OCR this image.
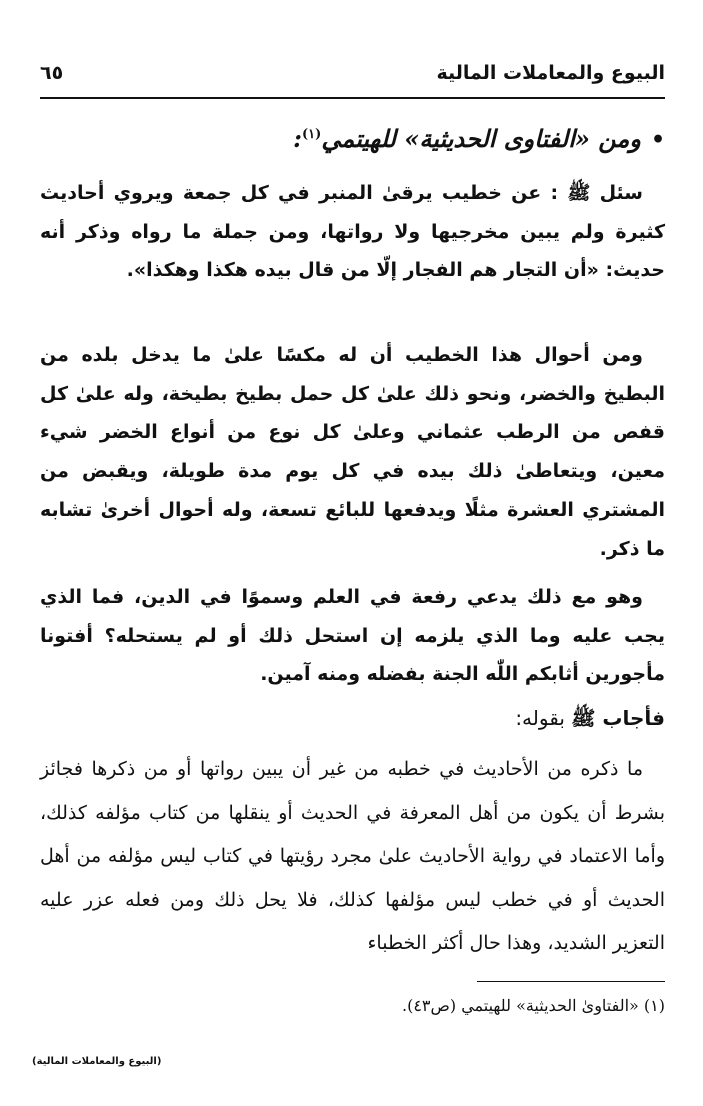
البيوع والمعاملات المالية
٦٥
•ومن «الفتاوى الحديثية» للهيتمي$^{(١)}$:
سئل ﷺ : عن خطيب يرقىٰ المنبر في كل جمعة ويروي أحاديث كثيرة ولم يبين مخرجيها ولا رواتها، ومن جملة ما رواه وذكر أنه حديث: «أن التجار هم الفجار إلّا من قال بيده هكذا وهكذا».
ومن أحوال هذا الخطيب أن له مكسًا علىٰ ما يدخل بلده من البطيخ والخضر، ونحو ذلك علىٰ كل حمل بطيخ بطيخة، وله علىٰ كل قفص من الرطب عثماني وعلىٰ كل نوع من أنواع الخضر شيء معين، ويتعاطىٰ ذلك بيده في كل يوم مدة طويلة، ويقبض من المشتري العشرة مثلًا ويدفعها للبائع تسعة، وله أحوال أخرىٰ تشابه ما ذكر.
وهو مع ذلك يدعي رفعة في العلم وسموًا في الدين، فما الذي يجب عليه وما الذي يلزمه إن استحل ذلك أو لم يستحله؟ أفتونا مأجورين أثابكم اللّٰه الجنة بفضله ومنه آمين.
فأجاب ﷺ بقوله:
ما ذكره من الأحاديث في خطبه من غير أن يبين رواتها أو من ذكرها فجائز بشرط أن يكون من أهل المعرفة في الحديث أو ينقلها من كتاب مؤلفه كذلك، وأما الاعتماد في رواية الأحاديث علىٰ مجرد رؤيتها في كتاب ليس مؤلفه من أهل الحديث أو في خطب ليس مؤلفها كذلك، فلا يحل ذلك ومن فعله عزر عليه التعزير الشديد، وهذا حال أكثر الخطباء
(١) «الفتاوىٰ الحديثية» للهيتمي (ص٤٣).
(البيوع والمعاملات المالية)
